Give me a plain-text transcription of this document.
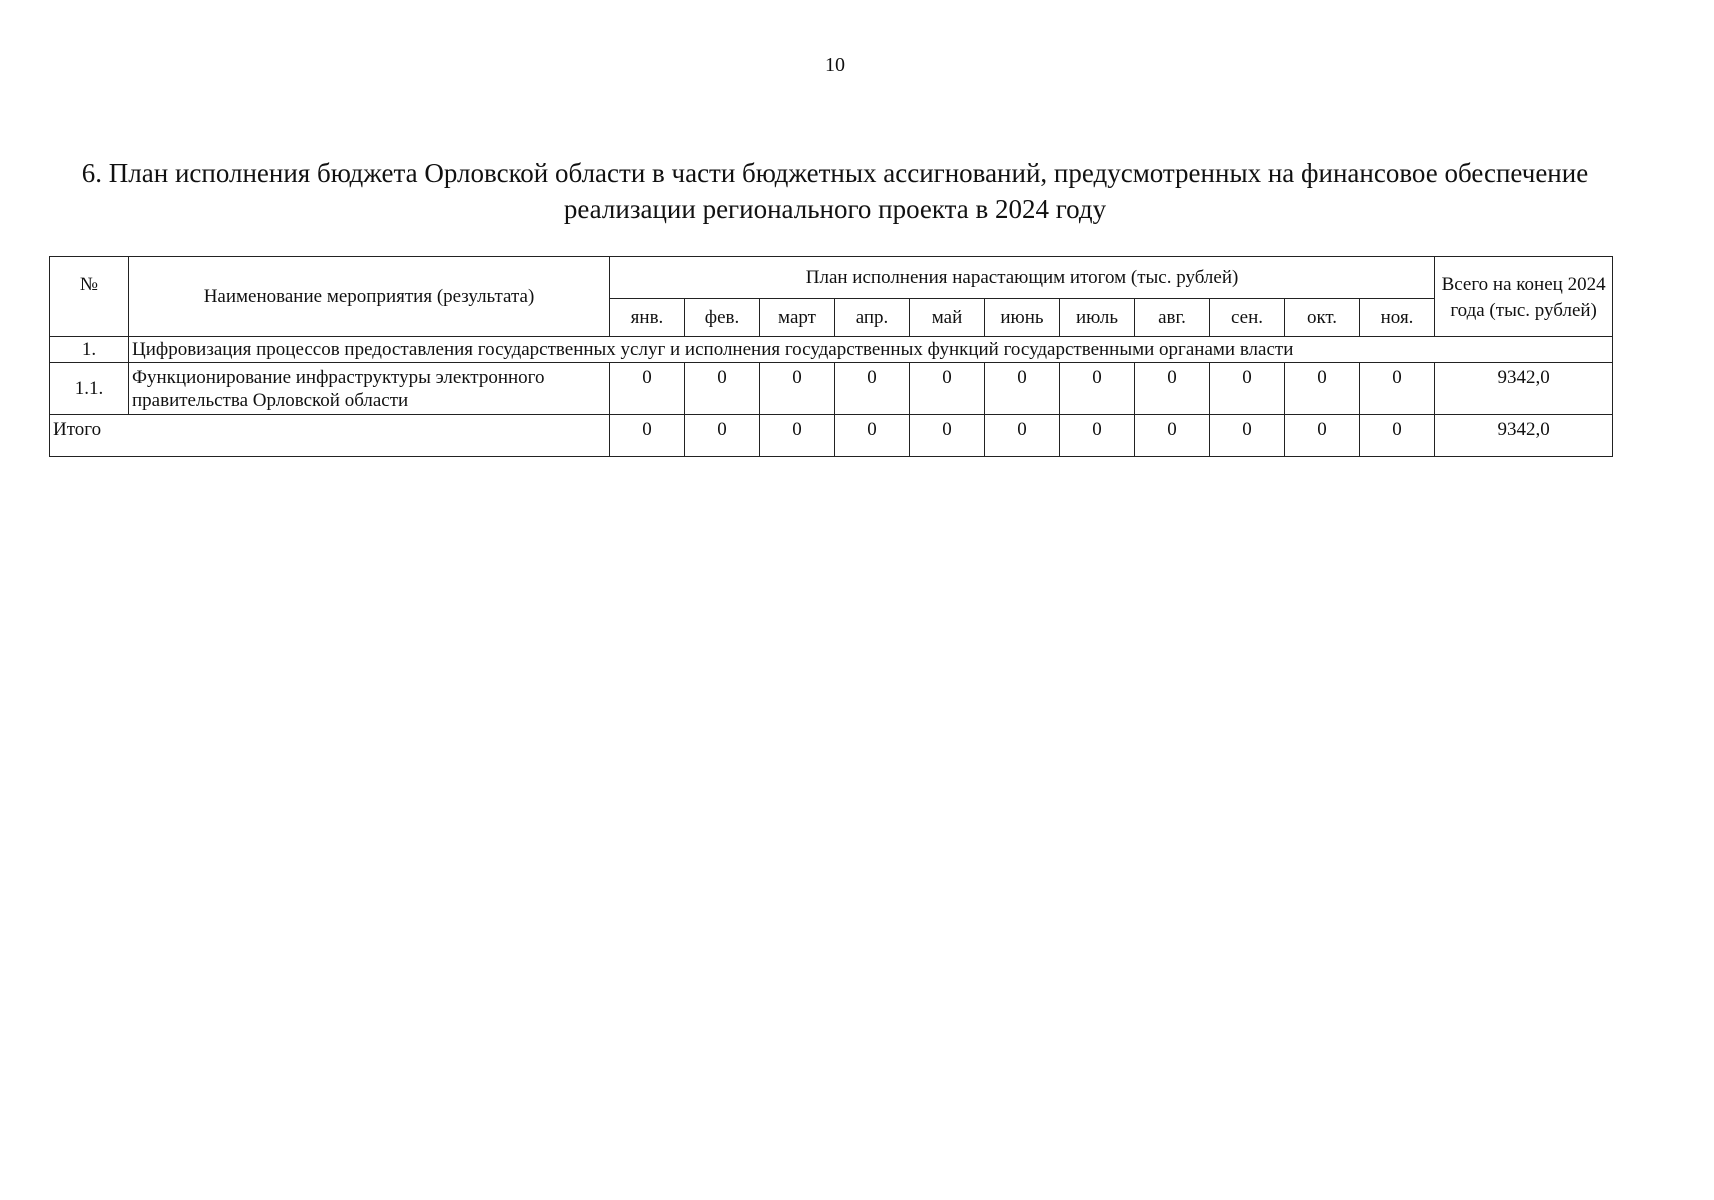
10
6. План исполнения бюджета Орловской области в части бюджетных ассигнований, предусмотренных на финансовое обеспечение реализации регионального проекта в 2024 году
№	Наименование мероприятия (результата)	План исполнения нарастающим итогом (тыс. рублей)											Всего на конец 2024 года (тыс. рублей)
		янв.	фев.	март	апр.	май	июнь	июль	авг.	сен.	окт.	ноя.	
1.	Цифровизация процессов предоставления государственных услуг и исполнения государственных функций государственными органами власти												
1.1.	Функционирование инфраструктуры электронного правительства Орловской области	0	0	0	0	0	0	0	0	0	0	0	9342,0
Итого		0	0	0	0	0	0	0	0	0	0	0	9342,0
